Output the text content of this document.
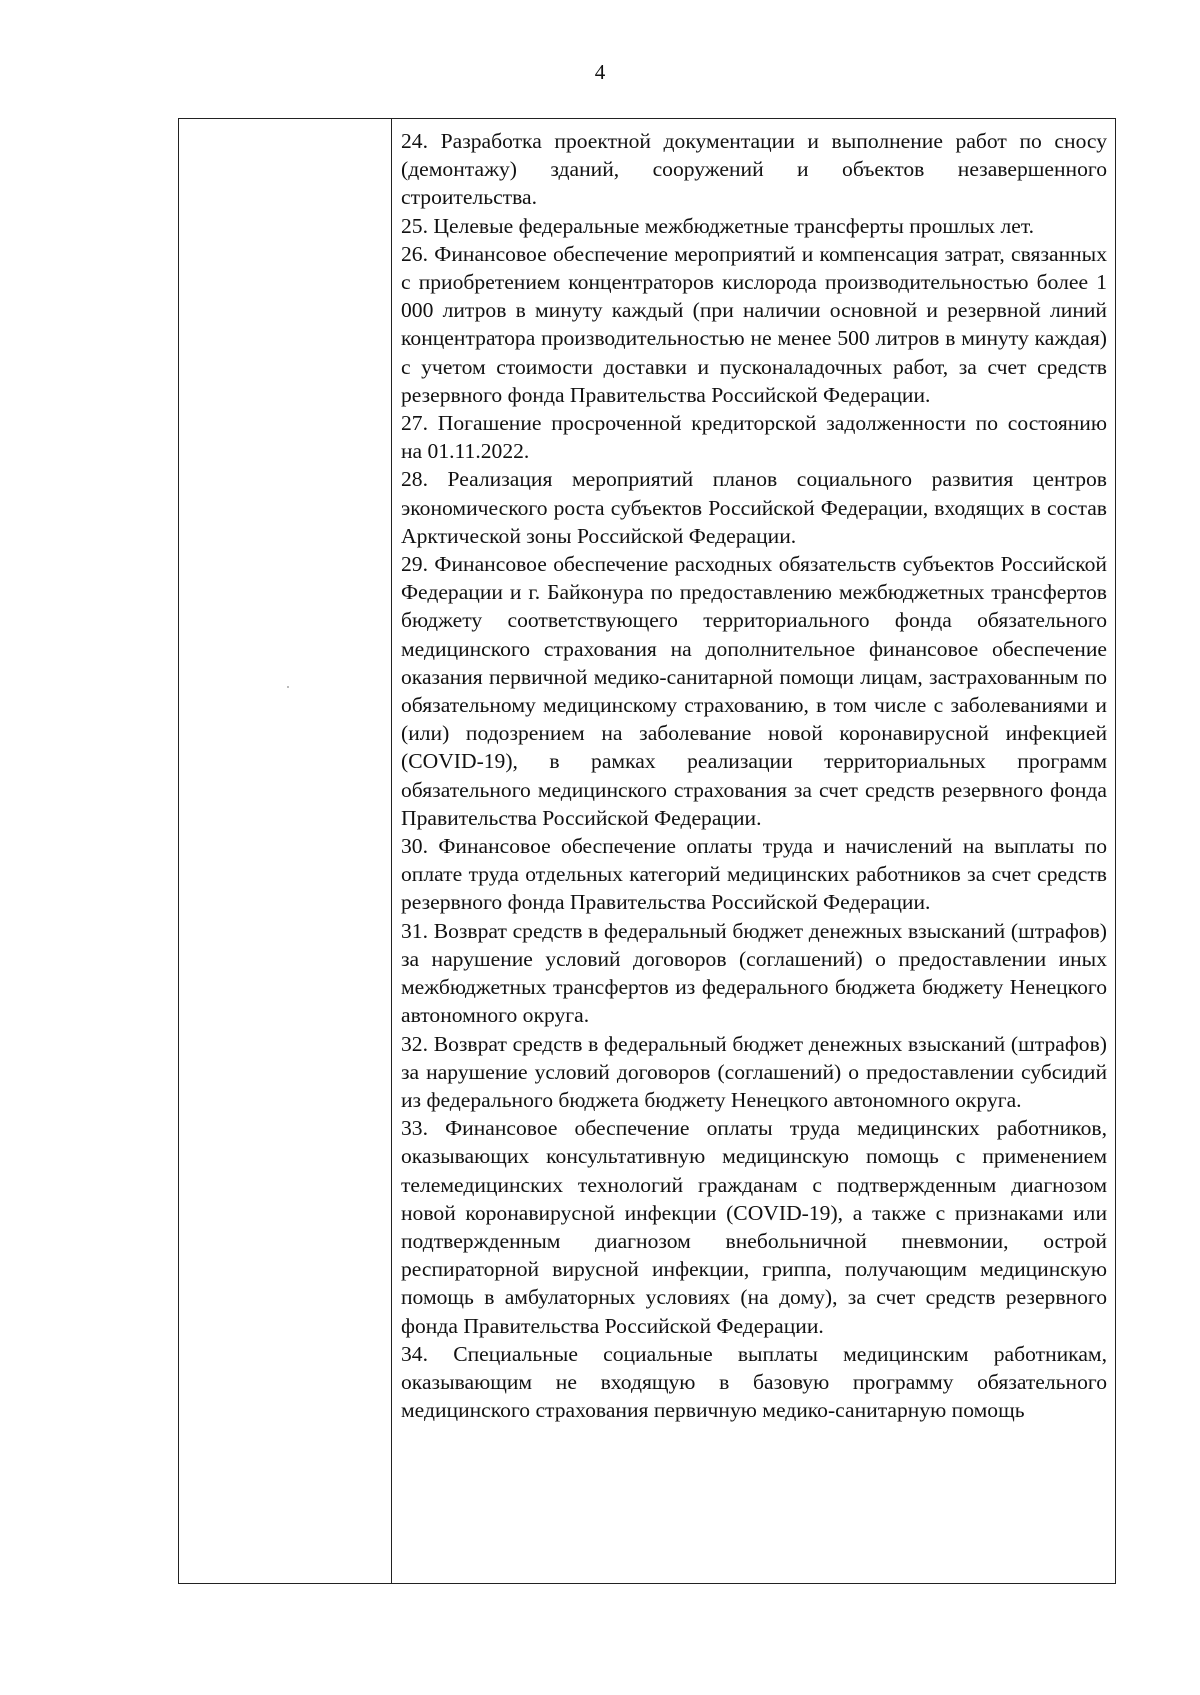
4

24. Разработка проектной документации и выполнение работ по сносу (демонтажу) зданий, сооружений и объектов незавершенного строительства.

25. Целевые федеральные межбюджетные трансферты прошлых лет.

26. Финансовое обеспечение мероприятий и компенсация затрат, связанных с приобретением концентраторов кислорода производительностью более 1 000 литров в минуту каждый (при наличии основной и резервной линий концентратора производительностью не менее 500 литров в минуту каждая) с учетом стоимости доставки и пусконаладочных работ, за счет средств резервного фонда Правительства Российской Федерации.

27. Погашение просроченной кредиторской задолженности по состоянию на 01.11.2022.

28. Реализация мероприятий планов социального развития центров экономического роста субъектов Российской Федерации, входящих в состав Арктической зоны Российской Федерации.

29. Финансовое обеспечение расходных обязательств субъектов Российской Федерации и г. Байконура по предоставлению межбюджетных трансфертов бюджету соответствующего территориального фонда обязательного медицинского страхования на дополнительное финансовое обеспечение оказания первичной медико-санитарной помощи лицам, застрахованным по обязательному медицинскому страхованию, в том числе с заболеваниями и (или) подозрением на заболевание новой коронавирусной инфекцией (COVID-19), в рамках реализации территориальных программ обязательного медицинского страхования за счет средств резервного фонда Правительства Российской Федерации.

30. Финансовое обеспечение оплаты труда и начислений на выплаты по оплате труда отдельных категорий медицинских работников за счет средств резервного фонда Правительства Российской Федерации.

31. Возврат средств в федеральный бюджет денежных взысканий (штрафов) за нарушение условий договоров (соглашений) о предоставлении иных межбюджетных трансфертов из федерального бюджета бюджету Ненецкого автономного округа.

32. Возврат средств в федеральный бюджет денежных взысканий (штрафов) за нарушение условий договоров (соглашений) о предоставлении субсидий из федерального бюджета бюджету Ненецкого автономного округа.

33. Финансовое обеспечение оплаты труда медицинских работников, оказывающих консультативную медицинскую помощь с применением телемедицинских технологий гражданам с подтвержденным диагнозом новой коронавирусной инфекции (COVID-19), а также с признаками или подтвержденным диагнозом внебольничной пневмонии, острой респираторной вирусной инфекции, гриппа, получающим медицинскую помощь в амбулаторных условиях (на дому), за счет средств резервного фонда Правительства Российской Федерации.

34. Специальные социальные выплаты медицинским работникам, оказывающим не входящую в базовую программу обязательного медицинского страхования первичную медико-санитарную помощь
